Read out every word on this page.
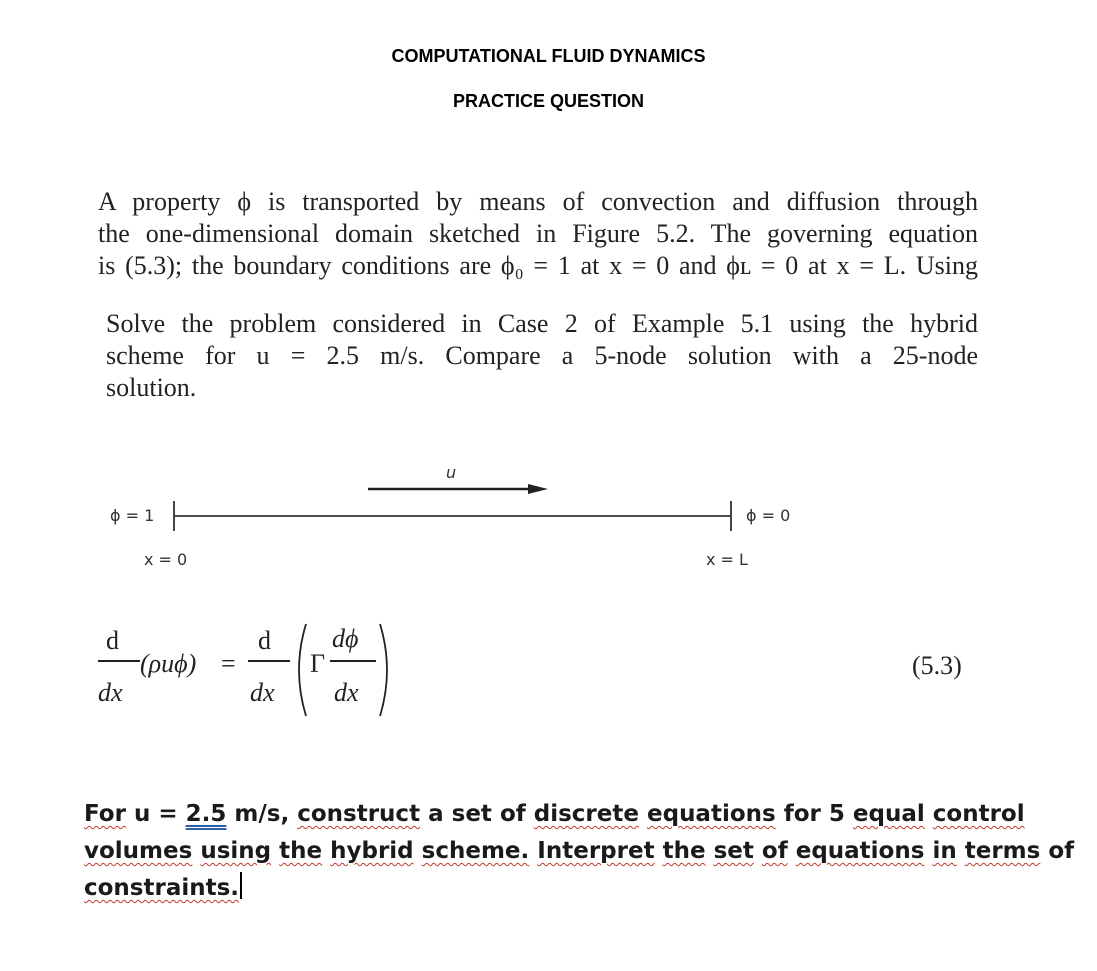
COMPUTATIONAL FLUID DYNAMICS
PRACTICE QUESTION
A property ϕ is transported by means of convection and diffusion through
the one-dimensional domain sketched in Figure 5.2. The governing equation
is (5.3); the boundary conditions are ϕ₀ = 1 at x = 0 and ϕʟ = 0 at x = L. Using
Solve the problem considered in Case 2 of Example 5.1 using the hybrid
scheme for u = 2.5 m/s. Compare a 5-node solution with a 25-node
solution.
u
ϕ = 1	ϕ = 0
x = 0	x = L
d
dx
(ρuϕ) =
d
dx
Γ
dϕ
dx
(5.3)
For u = 2.5 m/s, construct a set of discrete equations for 5 equal control
volumes using the hybrid scheme. Interpret the set of equations in terms of
constraints.
